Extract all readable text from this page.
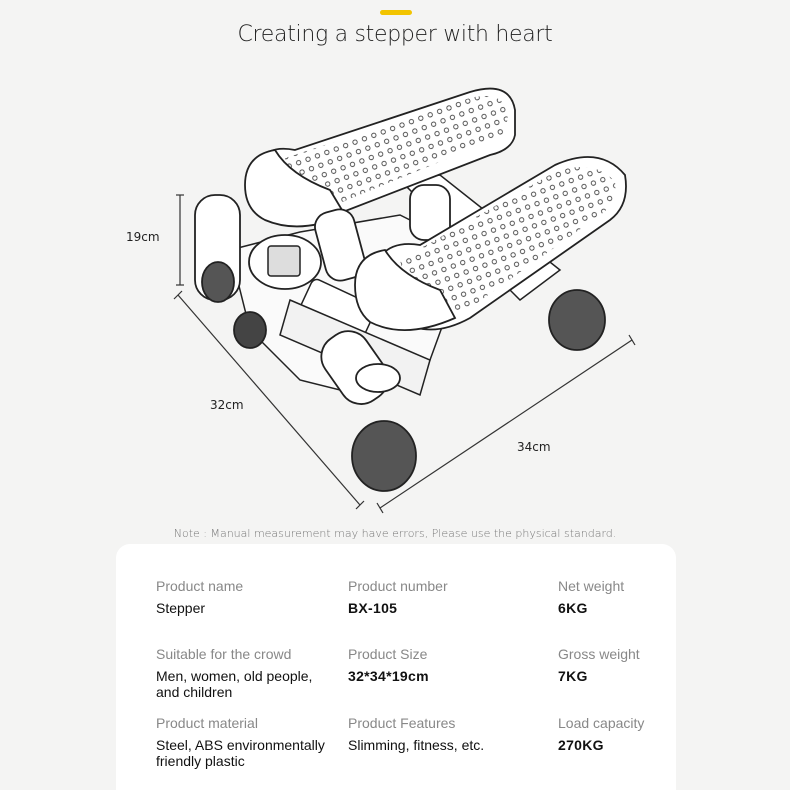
Creating a stepper with heart
19cm
32cm
34cm
Note : Manual measurement may have errors, Please use the physical standard.
Product name
Stepper
Product number
BX-105
Net weight
6KG
Suitable for the crowd
Men, women, old people,
and children
Product Size
32*34*19cm
Gross weight
7KG
Product material
Steel, ABS environmentally
friendly plastic
Product Features
Slimming, fitness, etc.
Load capacity
270KG
